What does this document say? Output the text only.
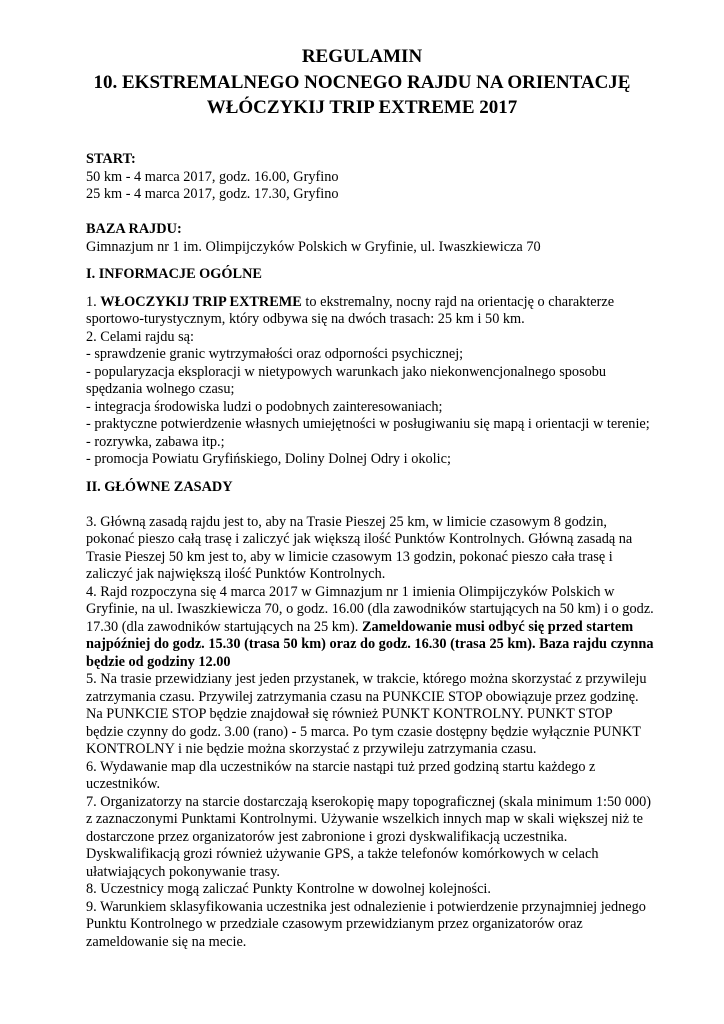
REGULAMIN
10. EKSTREMALNEGO NOCNEGO RAJDU NA ORIENTACJĘ
WŁÓCZYKIJ TRIP EXTREME 2017

START:

50 km - 4 marca 2017, godz. 16.00, Gryfino

25 km - 4 marca 2017, godz. 17.30, Gryfino

BAZA RAJDU:

Gimnazjum nr 1 im. Olimpijczyków Polskich w Gryfinie, ul. Iwaszkiewicza 70

I. INFORMACJE OGÓLNE

1. WŁOCZYKIJ TRIP EXTREME to ekstremalny, nocny rajd na orientację o charakterze

sportowo-turystycznym, który odbywa się na dwóch trasach: 25 km i 50 km.

2. Celami rajdu są:

- sprawdzenie granic wytrzymałości oraz odporności psychicznej;

- popularyzacja eksploracji w nietypowych warunkach jako niekonwencjonalnego sposobu

spędzania wolnego czasu;

- integracja środowiska ludzi o podobnych zainteresowaniach;

- praktyczne potwierdzenie własnych umiejętności w posługiwaniu się mapą i orientacji w terenie;

- rozrywka, zabawa itp.;

- promocja Powiatu Gryfińskiego, Doliny Dolnej Odry i okolic;

II. GŁÓWNE ZASADY

3. Główną zasadą rajdu jest to, aby na Trasie Pieszej 25 km, w limicie czasowym 8 godzin,

pokonać pieszo całą trasę i zaliczyć jak większą ilość Punktów Kontrolnych. Główną zasadą na

Trasie Pieszej 50 km jest to, aby w limicie czasowym 13 godzin, pokonać pieszo cała trasę i

zaliczyć jak największą ilość Punktów Kontrolnych.

4. Rajd rozpoczyna się 4 marca 2017 w Gimnazjum nr 1 imienia Olimpijczyków Polskich w

Gryfinie, na ul. Iwaszkiewicza 70, o godz. 16.00 (dla zawodników startujących na 50 km) i o godz.

17.30 (dla zawodników startujących na 25 km). Zameldowanie musi odbyć się przed startem

najpóźniej do godz. 15.30 (trasa 50 km) oraz do godz. 16.30 (trasa 25 km). Baza rajdu czynna

będzie od godziny 12.00

5. Na trasie przewidziany jest jeden przystanek, w trakcie, którego można skorzystać z przywileju

zatrzymania czasu. Przywilej zatrzymania czasu na PUNKCIE STOP obowiązuje przez godzinę.

Na PUNKCIE STOP będzie znajdował się również PUNKT KONTROLNY. PUNKT STOP

będzie czynny do godz. 3.00 (rano) - 5 marca. Po tym czasie dostępny będzie wyłącznie PUNKT

KONTROLNY i nie będzie można skorzystać z przywileju zatrzymania czasu.

6. Wydawanie map dla uczestników na starcie nastąpi tuż przed godziną startu każdego z

uczestników.

7. Organizatorzy na starcie dostarczają kserokopię mapy topograficznej (skala minimum 1:50 000)

z zaznaczonymi Punktami Kontrolnymi. Używanie wszelkich innych map w skali większej niż te

dostarczone przez organizatorów jest zabronione i grozi dyskwalifikacją uczestnika.

Dyskwalifikacją grozi również używanie GPS, a także telefonów komórkowych w celach

ułatwiających pokonywanie trasy.

8. Uczestnicy mogą zaliczać Punkty Kontrolne w dowolnej kolejności.

9. Warunkiem sklasyfikowania uczestnika jest odnalezienie i potwierdzenie przynajmniej jednego

Punktu Kontrolnego w przedziale czasowym przewidzianym przez organizatorów oraz

zameldowanie się na mecie.
